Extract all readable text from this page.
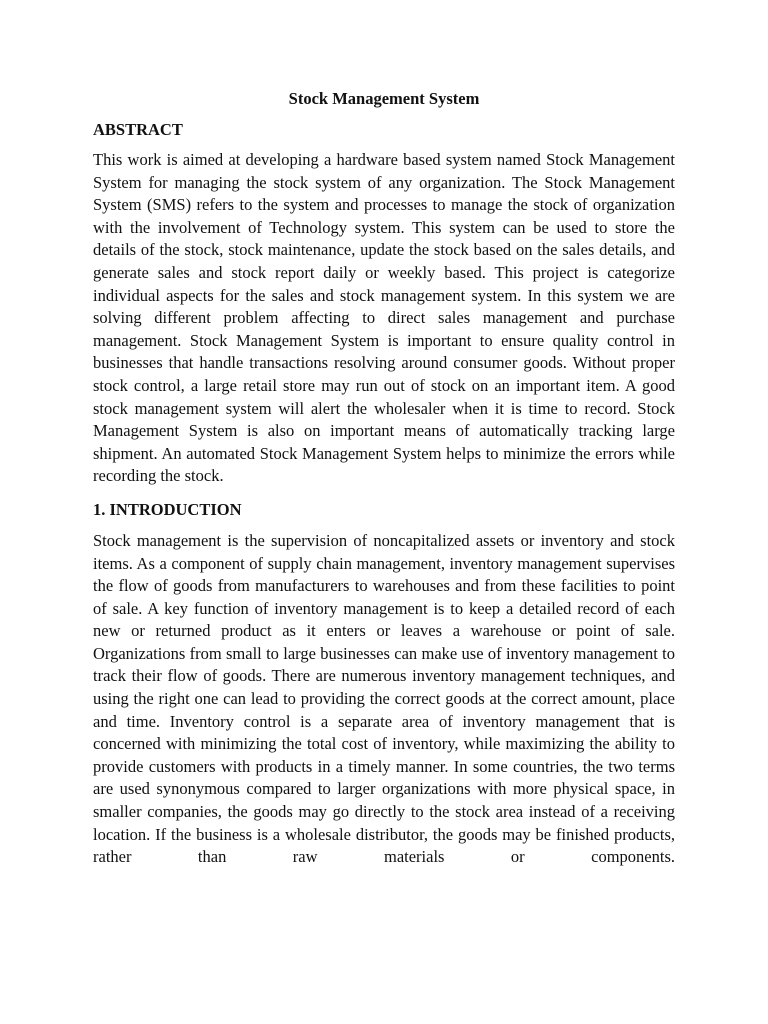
Stock Management System
ABSTRACT

This work is aimed at developing a hardware based system named Stock Management System for managing the stock system of any organization. The Stock Management System (SMS) refers to the system and processes to manage the stock of organization with the involvement of Technology system. This system can be used to store the details of the stock, stock maintenance, update the stock based on the sales details, and generate sales and stock report daily or weekly based. This project is categorize individual aspects for the sales and stock management system. In this system we are solving different problem affecting to direct sales management and purchase management. Stock Management System is important to ensure quality control in businesses that handle transactions resolving around consumer goods. Without proper stock control, a large retail store may run out of stock on an important item. A good stock management system will alert the wholesaler when it is time to record. Stock Management System is also on important means of automatically tracking large shipment. An automated Stock Management System helps to minimize the errors while recording the stock.

1. INTRODUCTION

Stock management is the supervision of noncapitalized assets or inventory and stock items. As a component of supply chain management, inventory management supervises the flow of goods from manufacturers to warehouses and from these facilities to point of sale. A key function of inventory management is to keep a detailed record of each new or returned product as it enters or leaves a warehouse or point of sale. Organizations from small to large businesses can make use of inventory management to track their flow of goods. There are numerous inventory management techniques, and using the right one can lead to providing the correct goods at the correct amount, place and time. Inventory control is a separate area of inventory management that is concerned with minimizing the total cost of inventory, while maximizing the ability to provide customers with products in a timely manner. In some countries, the two terms are used synonymous compared to larger organizations with more physical space, in smaller companies, the goods may go directly to the stock area instead of a receiving location. If the business is a wholesale distributor, the goods may be finished products, rather than raw materials or components.
